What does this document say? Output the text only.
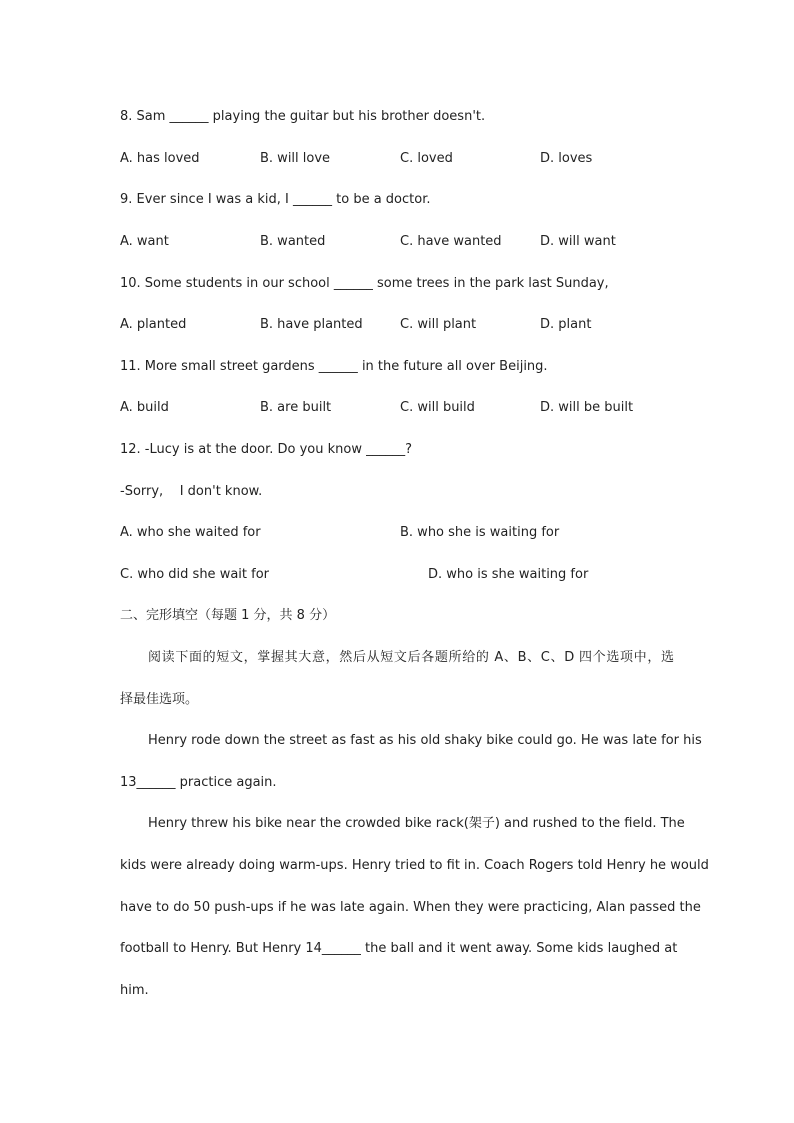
8. Sam ______ playing the guitar but his brother doesn't.
A. has loved	B. will love	C. loved	D. loves
9. Ever since I was a kid, I ______ to be a doctor.
A. want	B. wanted	C. have wanted	D. will want
10. Some students in our school ______ some trees in the park last Sunday,
A. planted	B. have planted	C. will plant	D. plant
11. More small street gardens ______ in the future all over Beijing.
A. build	B. are built	C. will build	D. will be built
12. -Lucy is at the door. Do you know ______?
-Sorry,    I don't know.
A. who she waited for	B. who she is waiting for
C. who did she wait for	D. who is she waiting for
二、完形填空（每题 1 分，共 8 分）
阅读下面的短文，掌握其大意，然后从短文后各题所给的 A、B、C、D 四个选项中，选
择最佳选项。
Henry rode down the street as fast as his old shaky bike could go. He was late for his
13______ practice again.
Henry threw his bike near the crowded bike rack(架子) and rushed to the field. The
kids were already doing warm-ups. Henry tried to fit in. Coach Rogers told Henry he would
have to do 50 push-ups if he was late again. When they were practicing, Alan passed the
football to Henry. But Henry 14______ the ball and it went away. Some kids laughed at
him.
